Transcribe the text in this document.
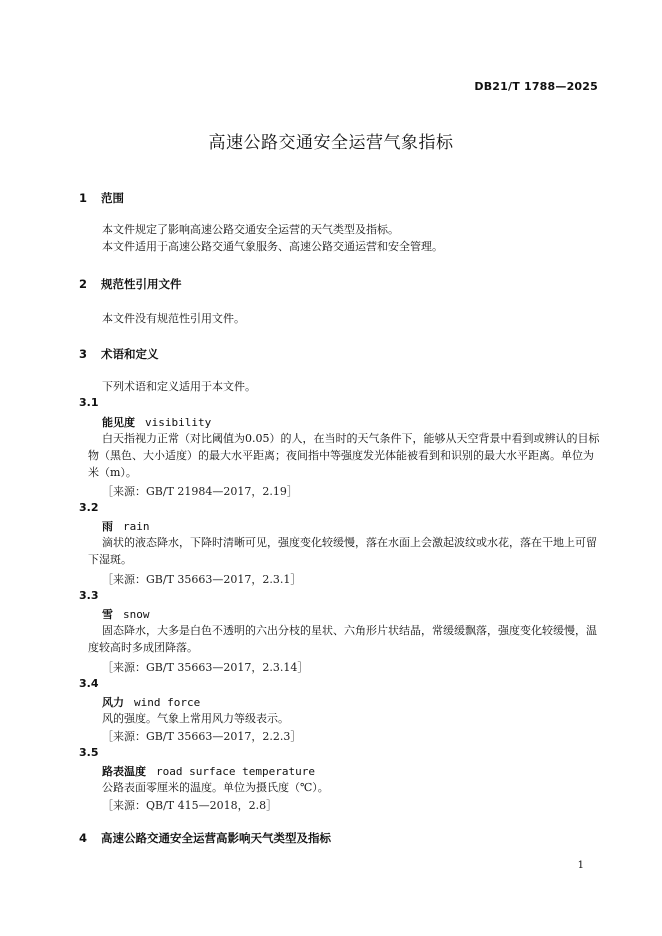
DB21/T 1788—2025
高速公路交通安全运营气象指标
1 范围
本文件规定了影响高速公路交通安全运营的天气类型及指标。
本文件适用于高速公路交通气象服务、高速公路交通运营和安全管理。
2 规范性引用文件
本文件没有规范性引用文件。
3 术语和定义
下列术语和定义适用于本文件。
3.1
能见度 visibility
白天指视力正常（对比阈值为0.05）的人，在当时的天气条件下，能够从天空背景中看到或辨认的目标物（黑色、大小适度）的最大水平距离；夜间指中等强度发光体能被看到和识别的最大水平距离。单位为米（m）。
［来源：GB/T 21984—2017，2.19］
3.2
雨 rain
滴状的液态降水，下降时清晰可见，强度变化较缓慢，落在水面上会激起波纹或水花，落在干地上可留下湿斑。
［来源：GB/T 35663—2017，2.3.1］
3.3
雪 snow
固态降水，大多是白色不透明的六出分枝的星状、六角形片状结晶，常缓缓飘落，强度变化较缓慢，温度较高时多成团降落。
［来源：GB/T 35663—2017，2.3.14］
3.4
风力 wind force
风的强度。气象上常用风力等级表示。
［来源：GB/T 35663—2017，2.2.3］
3.5
路表温度 road surface temperature
公路表面零厘米的温度。单位为摄氏度（℃）。
［来源：QB/T 415—2018，2.8］
4 高速公路交通安全运营高影响天气类型及指标
1
